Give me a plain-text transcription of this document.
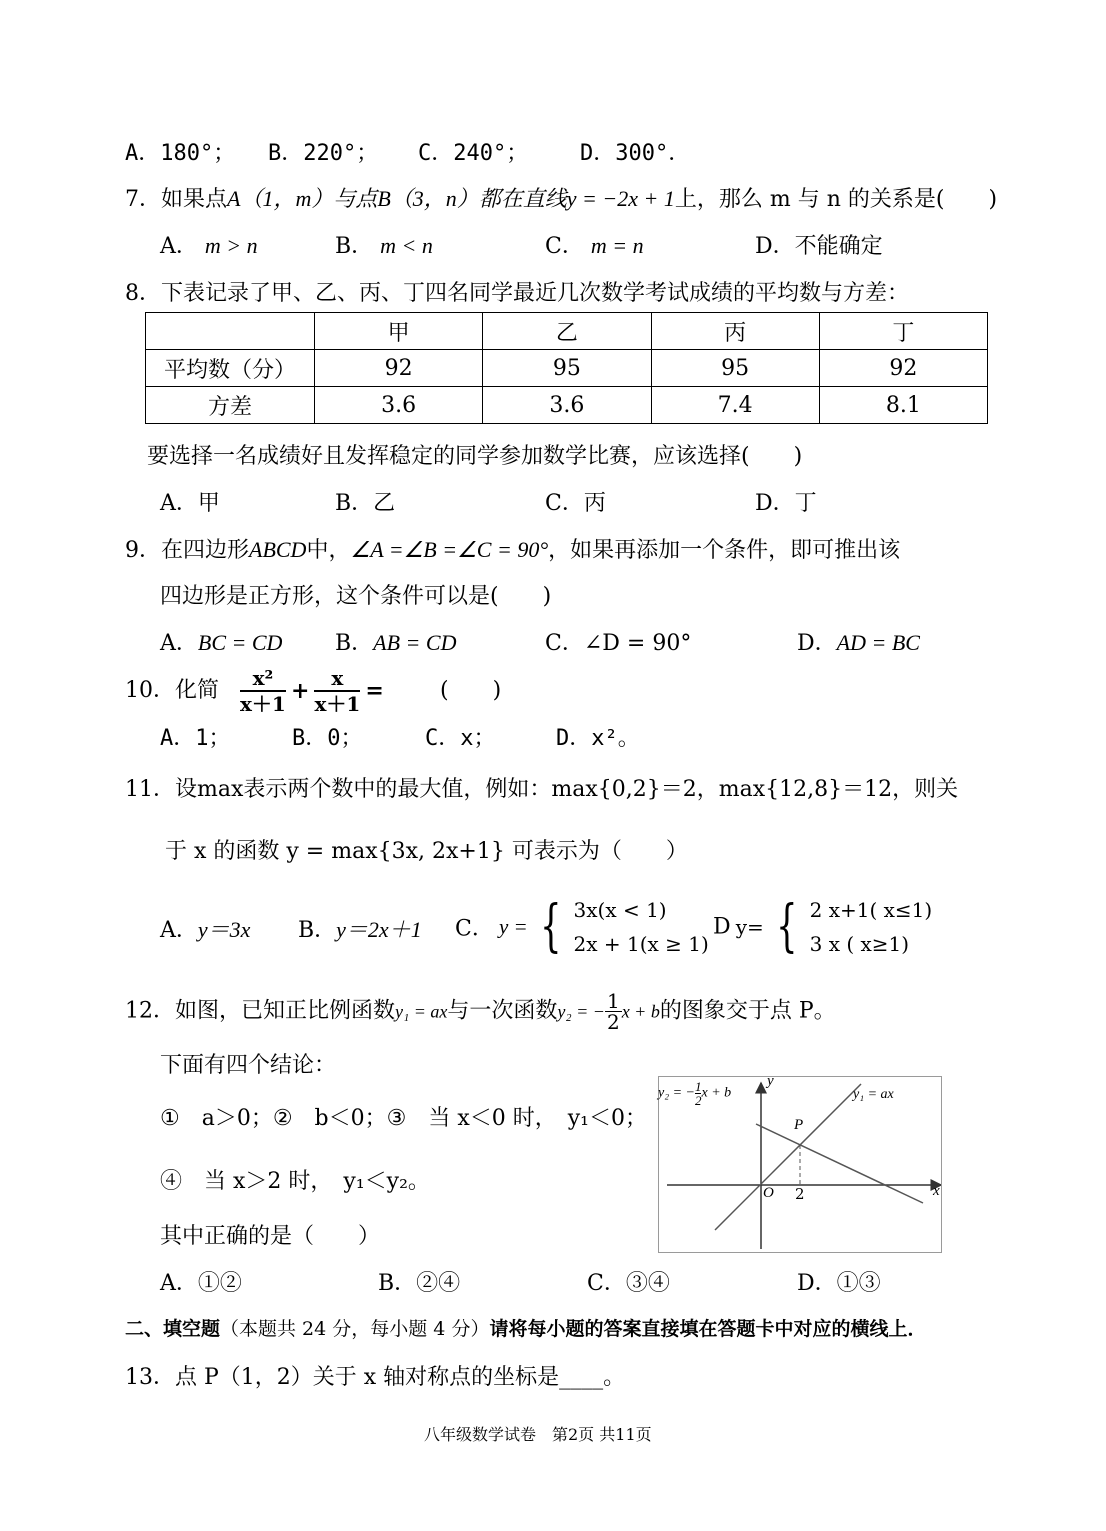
A．180°； B．220°； C．240°； D．300°．
7．如果点A（1，m）与点B（3，n）都在直线y = −2x + 1上，那么 m 与 n 的关系是(　　)
A． m > n	B． m < n	C． m = n	D．不能确定
8．下表记录了甲、乙、丙、丁四名同学最近几次数学考试成绩的平均数与方差：
	甲	乙	丙	丁
平均数（分）	92	95	95	92
方差	3.6	3.6	7.4	8.1
要选择一名成绩好且发挥稳定的同学参加数学比赛，应该选择(　　)
A．甲	B．乙	C．丙	D．丁
9．在四边形ABCD中，∠A =∠B =∠C = 90°，如果再添加一个条件，即可推出该
四边形是正方形，这个条件可以是(　　)
A．BC = CD B．AB = CD	C．∠D = 90°	D．AD = BC
10．化简 $\frac{\text{x²}}{x+1} + \frac{x}{x+1}$ =	(　　)
A．1；	B．0；	C．x；	D．x²。
11．设max表示两个数中的最大值，例如：max{0,2}＝2，max{12,8}＝12，则关
于 x 的函数 y = max{3x, 2x+1} 可表示为（　　）
A．y＝3x B．y＝2x＋1 C． y = { 3x(x < 1)
2x + 1(x ≥ 1)
D y= { 2 x+1( x≤1)
3 x ( x≥1)
12．如图，已知正比例函数y₁ = ax与一次函数y₂ = − $\frac{1}{2}$ x + b的图象交于点 P。
下面有四个结论：
①　a＞0；②　b＜0；③　当 x＜0 时，　y₁＜0；
④　当 x＞2 时，　y₁＜y₂。
其中正确的是（　　）
A．①②	B．②④	C．③④	D．①③
y₂ = − $\frac{1}{2}$ x + b	y₁ = ax
y
x
O
P
2
二、填空题（本题共 24 分，每小题 4 分）请将每小题的答案直接填在答题卡中对应的横线上．
13．点 P（1，2）关于 x 轴对称点的坐标是____。
八年级数学试卷　第2页 共11页
